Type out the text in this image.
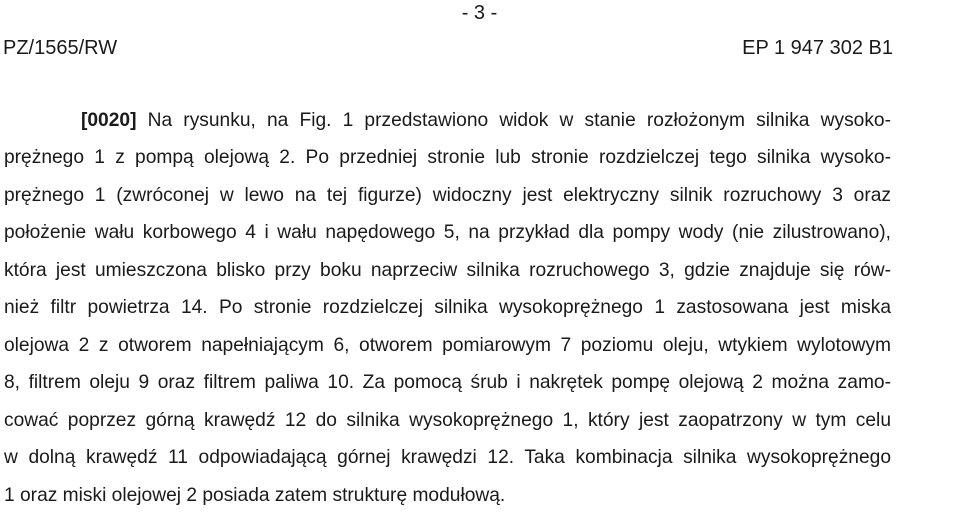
- 3 -
PZ/1565/RW	EP 1 947 302 B1
[0020] Na rysunku, na Fig. 1 przedstawiono widok w stanie rozłożonym silnika wysoko-
prężnego 1 z pompą olejową 2. Po przedniej stronie lub stronie rozdzielczej tego silnika wysoko-
prężnego 1 (zwróconej w lewo na tej figurze) widoczny jest elektryczny silnik rozruchowy 3 oraz
położenie wału korbowego 4 i wału napędowego 5, na przykład dla pompy wody (nie zilustrowano),
która jest umieszczona blisko przy boku naprzeciw silnika rozruchowego 3, gdzie znajduje się rów-
nież filtr powietrza 14. Po stronie rozdzielczej silnika wysokoprężnego 1 zastosowana jest miska
olejowa 2 z otworem napełniającym 6, otworem pomiarowym 7 poziomu oleju, wtykiem wylotowym
8, filtrem oleju 9 oraz filtrem paliwa 10. Za pomocą śrub i nakrętek pompę olejową 2 można zamo-
cować poprzez górną krawędź 12 do silnika wysokoprężnego 1, który jest zaopatrzony w tym celu
w dolną krawędź 11 odpowiadającą górnej krawędzi 12. Taka kombinacja silnika wysokoprężnego
1 oraz miski olejowej 2 posiada zatem strukturę modułową.
